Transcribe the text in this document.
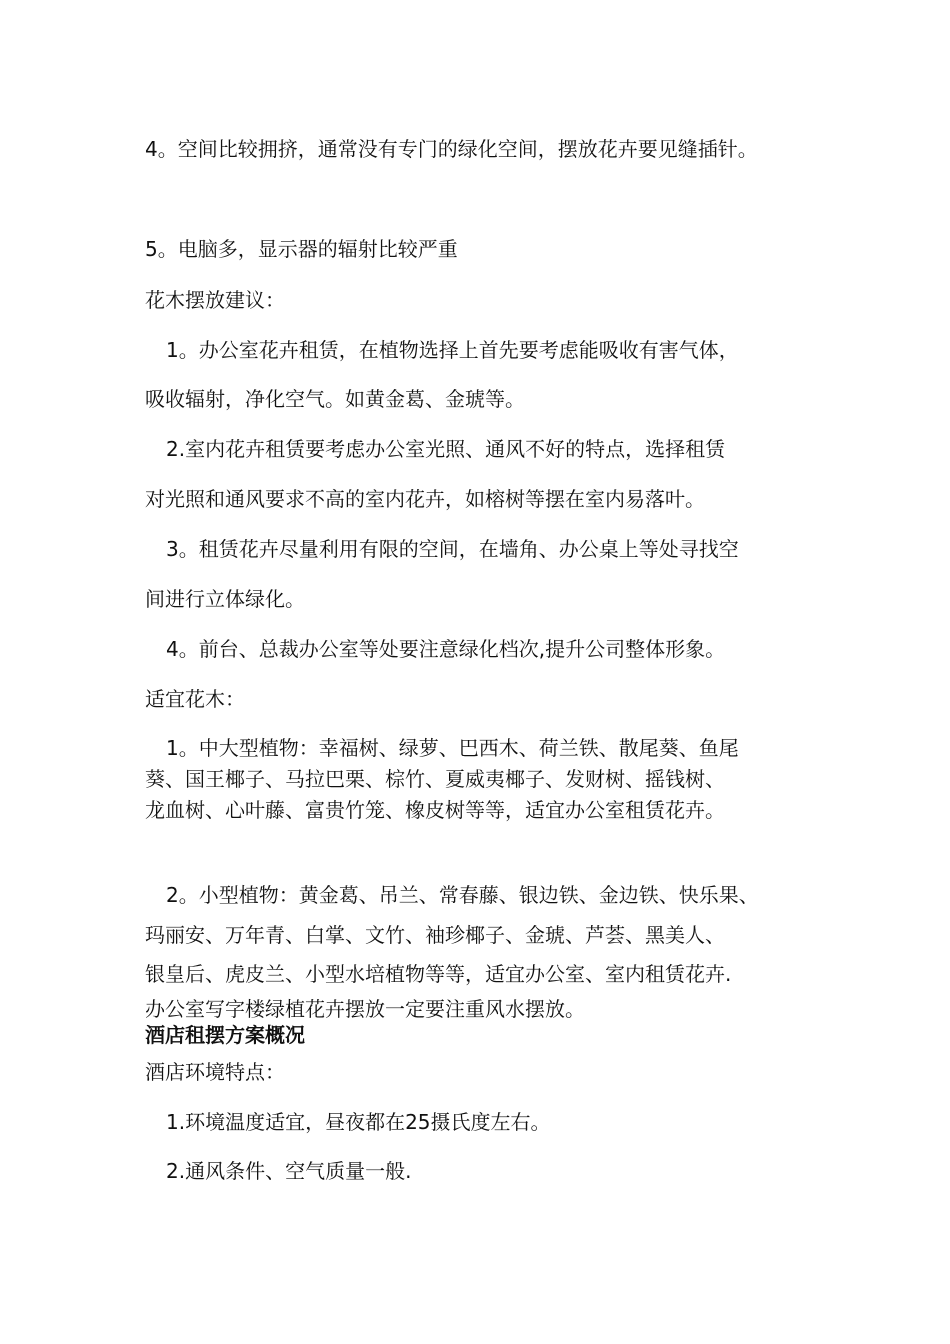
4。空间比较拥挤，通常没有专门的绿化空间，摆放花卉要见缝插针。

5。电脑多，显示器的辐射比较严重

花木摆放建议：

1。办公室花卉租赁，在植物选择上首先要考虑能吸收有害气体，

吸收辐射，净化空气。如黄金葛、金琥等。

2.室内花卉租赁要考虑办公室光照、通风不好的特点，选择租赁

对光照和通风要求不高的室内花卉，如榕树等摆在室内易落叶。

3。租赁花卉尽量利用有限的空间，在墙角、办公桌上等处寻找空

间进行立体绿化。

4。前台、总裁办公室等处要注意绿化档次,提升公司整体形象。

适宜花木：

1。中大型植物：幸福树、绿萝、巴西木、荷兰铁、散尾葵、鱼尾

葵、国王椰子、马拉巴栗、棕竹、夏威夷椰子、发财树、摇钱树、

龙血树、心叶藤、富贵竹笼、橡皮树等等，适宜办公室租赁花卉。

2。小型植物：黄金葛、吊兰、常春藤、银边铁、金边铁、快乐果、

玛丽安、万年青、白掌、文竹、袖珍椰子、金琥、芦荟、黑美人、

银皇后、虎皮兰、小型水培植物等等，适宜办公室、室内租赁花卉.

办公室写字楼绿植花卉摆放一定要注重风水摆放。

酒店租摆方案概况

酒店环境特点：

1.环境温度适宜，昼夜都在25摄氏度左右。

2.通风条件、空气质量一般.
